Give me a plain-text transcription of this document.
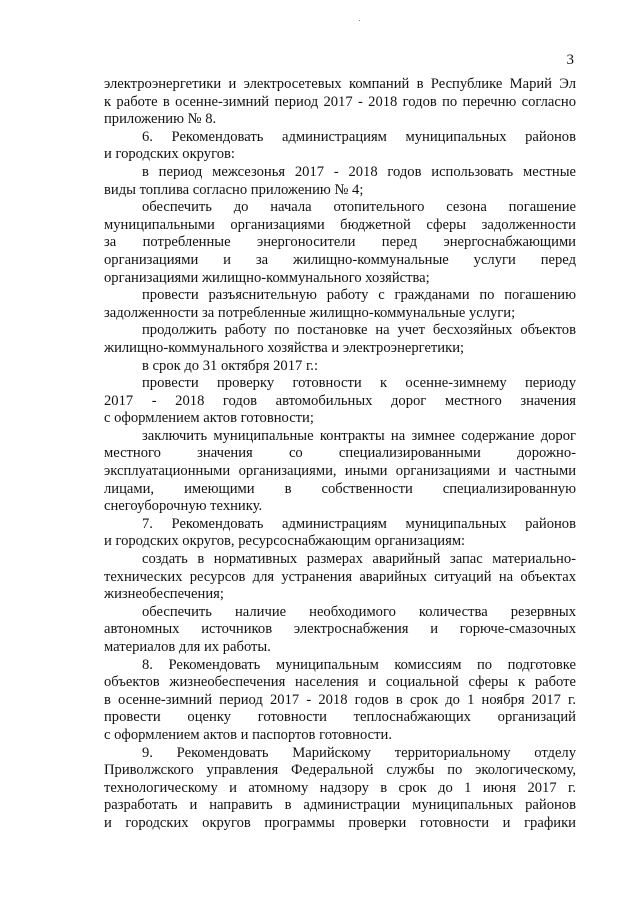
3
электроэнергетики и электросетевых компаний в Республике Марий Эл
к работе в осенне-зимний период 2017 - 2018 годов по перечню согласно
приложению № 8.
6. Рекомендовать администрациям муниципальных районов
и городских округов:
в период межсезонья 2017 - 2018 годов использовать местные
виды топлива согласно приложению № 4;
обеспечить до начала отопительного сезона погашение
муниципальными организациями бюджетной сферы задолженности
за потребленные энергоносители перед энергоснабжающими
организациями и за жилищно-коммунальные услуги перед
организациями жилищно-коммунального хозяйства;
провести разъяснительную работу с гражданами по погашению
задолженности за потребленные жилищно-коммунальные услуги;
продолжить работу по постановке на учет бесхозяйных объектов
жилищно-коммунального хозяйства и электроэнергетики;
в срок до 31 октября 2017 г.:
провести проверку готовности к осенне-зимнему периоду
2017 - 2018 годов автомобильных дорог местного значения
с оформлением актов готовности;
заключить муниципальные контракты на зимнее содержание дорог
местного значения со специализированными дорожно-
эксплуатационными организациями, иными организациями и частными
лицами, имеющими в собственности специализированную
снегоуборочную технику.
7. Рекомендовать администрациям муниципальных районов
и городских округов, ресурсоснабжающим организациям:
создать в нормативных размерах аварийный запас материально-
технических ресурсов для устранения аварийных ситуаций на объектах
жизнеобеспечения;
обеспечить наличие необходимого количества резервных
автономных источников электроснабжения и горюче-смазочных
материалов для их работы.
8. Рекомендовать муниципальным комиссиям по подготовке
объектов жизнеобеспечения населения и социальной сферы к работе
в осенне-зимний период 2017 - 2018 годов в срок до 1 ноября 2017 г.
провести оценку готовности теплоснабжающих организаций
с оформлением актов и паспортов готовности.
9. Рекомендовать Марийскому территориальному отделу
Приволжского управления Федеральной службы по экологическому,
технологическому и атомному надзору в срок до 1 июня 2017 г.
разработать и направить в администрации муниципальных районов
и городских округов программы проверки готовности и графики
